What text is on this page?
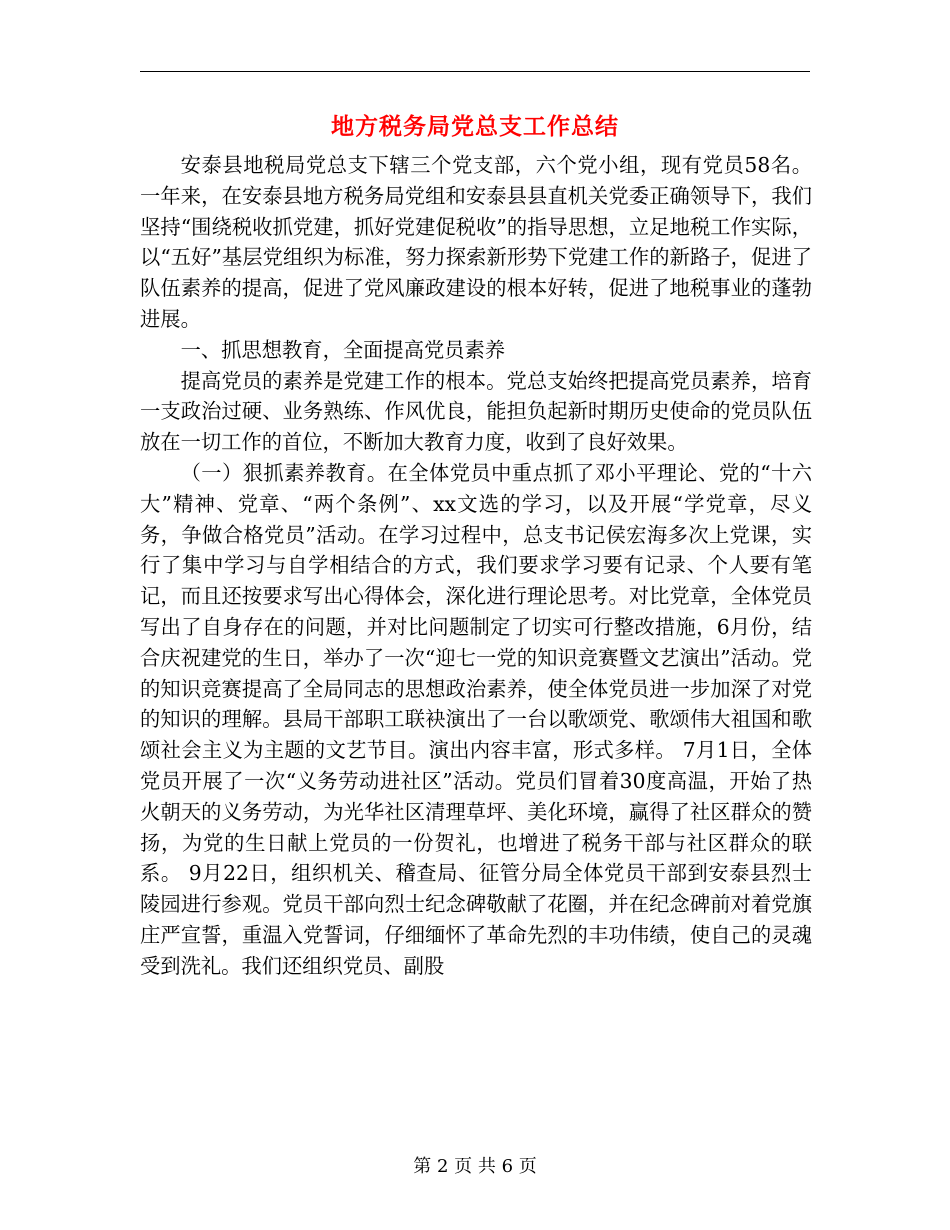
地方税务局党总支工作总结

安泰县地税局党总支下辖三个党支部，六个党小组，现有党员58名。一年来，在安泰县地方税务局党组和安泰县县直机关党委正确领导下，我们坚持“围绕税收抓党建，抓好党建促税收”的指导思想，立足地税工作实际，以“五好”基层党组织为标准，努力探索新形势下党建工作的新路子，促进了队伍素养的提高，促进了党风廉政建设的根本好转，促进了地税事业的蓬勃进展。

一、抓思想教育，全面提高党员素养

提高党员的素养是党建工作的根本。党总支始终把提高党员素养，培育一支政治过硬、业务熟练、作风优良，能担负起新时期历史使命的党员队伍放在一切工作的首位，不断加大教育力度，收到了良好效果。

（一）狠抓素养教育。在全体党员中重点抓了邓小平理论、党的“十六大”精神、党章、“两个条例”、xx文选的学习，以及开展“学党章，尽义务，争做合格党员”活动。在学习过程中，总支书记侯宏海多次上党课，实行了集中学习与自学相结合的方式，我们要求学习要有记录、个人要有笔记，而且还按要求写出心得体会，深化进行理论思考。对比党章，全体党员写出了自身存在的问题，并对比问题制定了切实可行整改措施，6月份，结合庆祝建党的生日，举办了一次“迎七一党的知识竞赛暨文艺演出”活动。党的知识竞赛提高了全局同志的思想政治素养，使全体党员进一步加深了对党的知识的理解。县局干部职工联袂演出了一台以歌颂党、歌颂伟大祖国和歌颂社会主义为主题的文艺节目。演出内容丰富，形式多样。 7月1日，全体党员开展了一次“义务劳动进社区”活动。党员们冒着30度高温，开始了热火朝天的义务劳动，为光华社区清理草坪、美化环境，赢得了社区群众的赞扬，为党的生日献上党员的一份贺礼，也增进了税务干部与社区群众的联系。 9月22日，组织机关、稽查局、征管分局全体党员干部到安泰县烈士陵园进行参观。党员干部向烈士纪念碑敬献了花圈，并在纪念碑前对着党旗庄严宣誓，重温入党誓词，仔细缅怀了革命先烈的丰功伟绩，使自己的灵魂受到洗礼。我们还组织党员、副股

第 2 页 共 6 页
